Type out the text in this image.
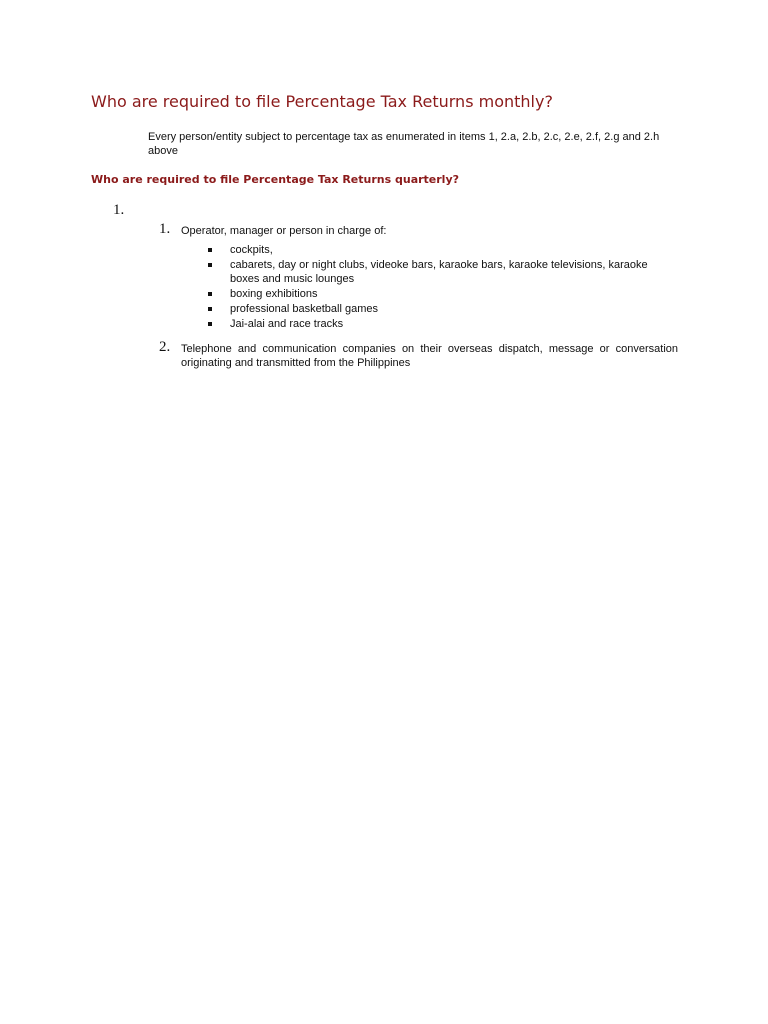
Who are required to file Percentage Tax Returns monthly?

Every person/entity subject to percentage tax as enumerated in items 1, 2.a, 2.b, 2.c, 2.e, 2.f, 2.g and 2.h above

Who are required to file Percentage Tax Returns quarterly?
1.
1. Operator, manager or person in charge of:

cockpits,
cabarets, day or night clubs, videoke bars, karaoke bars, karaoke televisions, karaoke boxes and music lounges
boxing exhibitions
professional basketball games
Jai-alai and race tracks
2. Telephone and communication companies on their overseas dispatch, message or conversation originating and transmitted from the Philippines
